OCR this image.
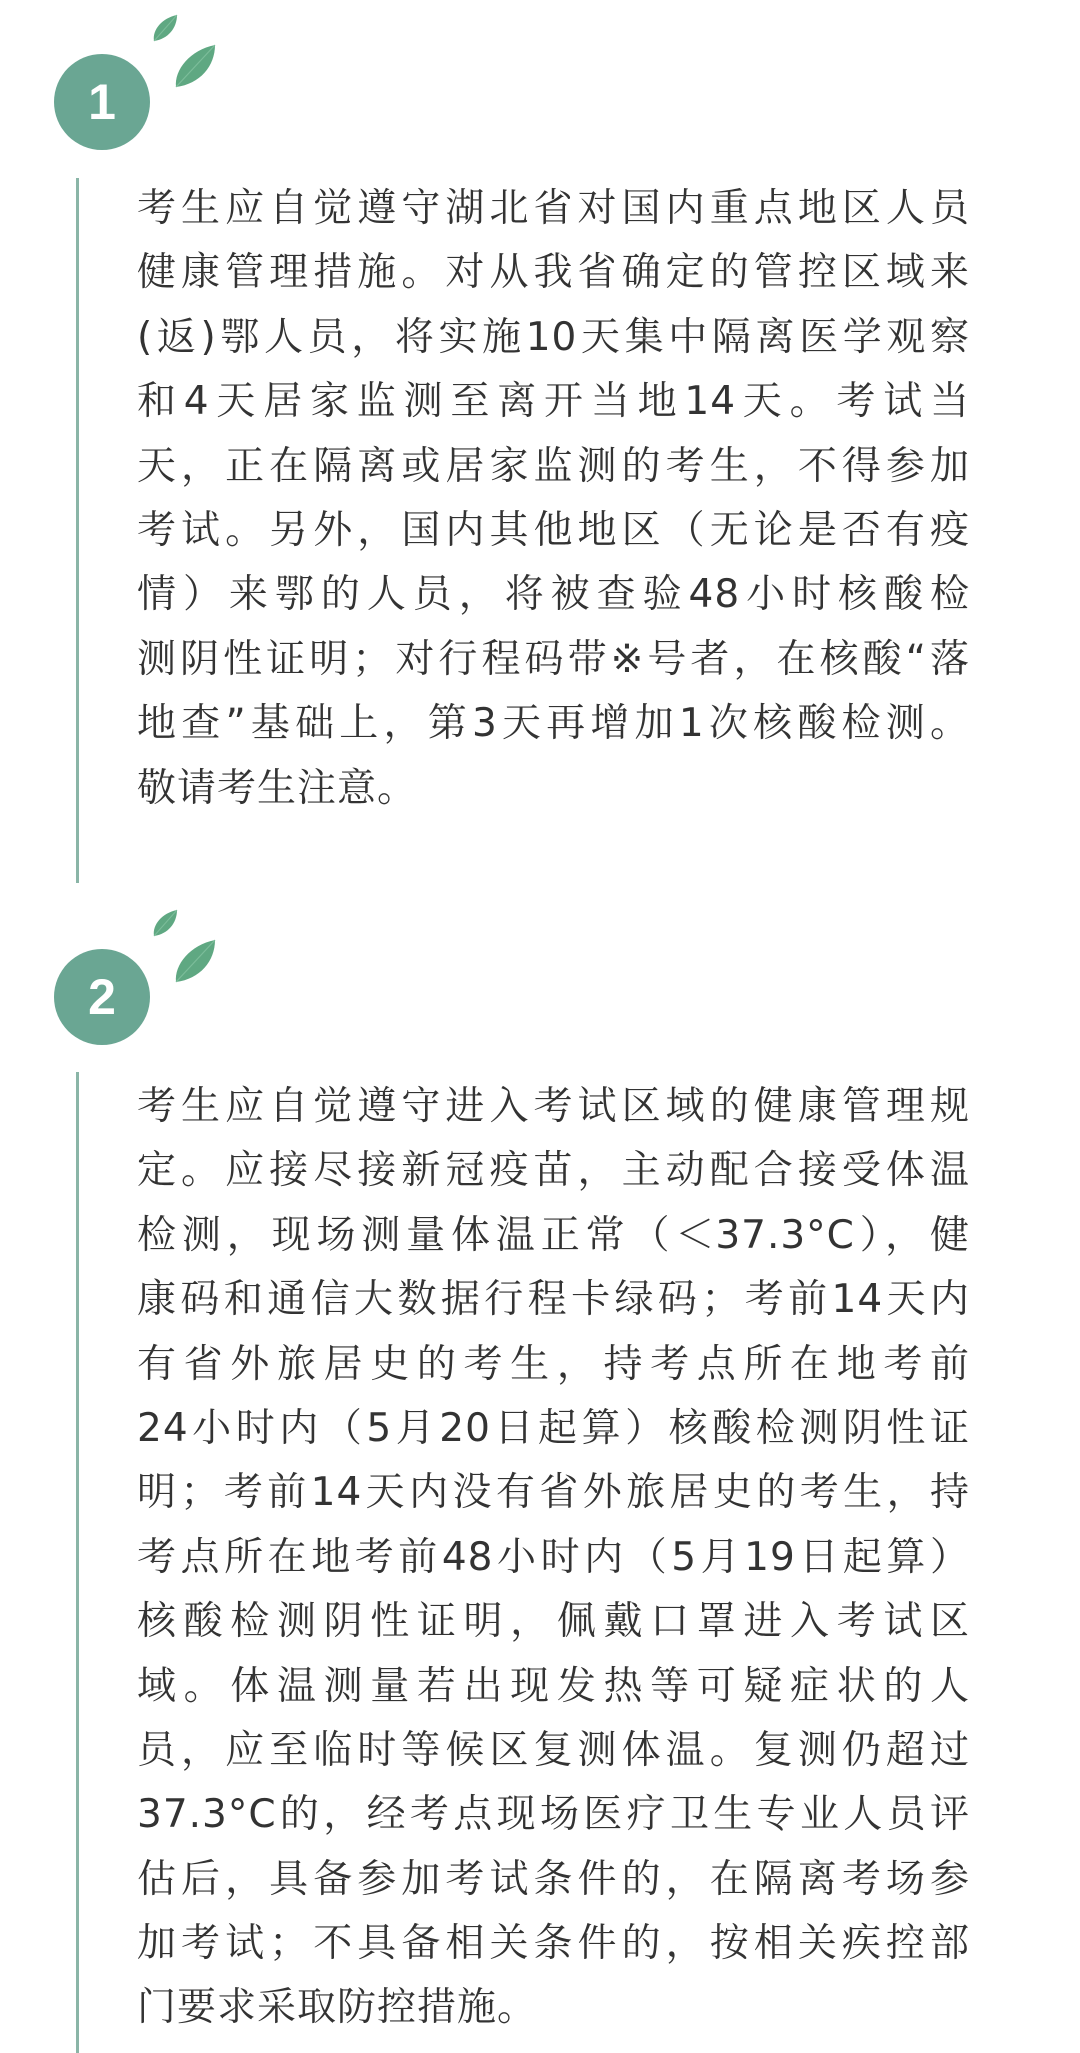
1
考生应自觉遵守湖北省对国内重点地区人员
健康管理措施。对从我省确定的管控区域来
(返)鄂人员，将实施10天集中隔离医学观察
和4天居家监测至离开当地14天。考试当
天，正在隔离或居家监测的考生，不得参加
考试。另外，国内其他地区（无论是否有疫
情）来鄂的人员，将被查验48小时核酸检
测阴性证明；对行程码带※号者，在核酸“落
地查”基础上，第3天再增加1次核酸检测。
敬请考生注意。
2
考生应自觉遵守进入考试区域的健康管理规
定。应接尽接新冠疫苗，主动配合接受体温
检测，现场测量体温正常（＜37.3°C），健
康码和通信大数据行程卡绿码；考前14天内
有省外旅居史的考生，持考点所在地考前
24小时内（5月20日起算）核酸检测阴性证
明；考前14天内没有省外旅居史的考生，持
考点所在地考前48小时内（5月19日起算）
核酸检测阴性证明，佩戴口罩进入考试区
域。体温测量若出现发热等可疑症状的人
员，应至临时等候区复测体温。复测仍超过
37.3°C的，经考点现场医疗卫生专业人员评
估后，具备参加考试条件的，在隔离考场参
加考试；不具备相关条件的，按相关疾控部
门要求采取防控措施。
